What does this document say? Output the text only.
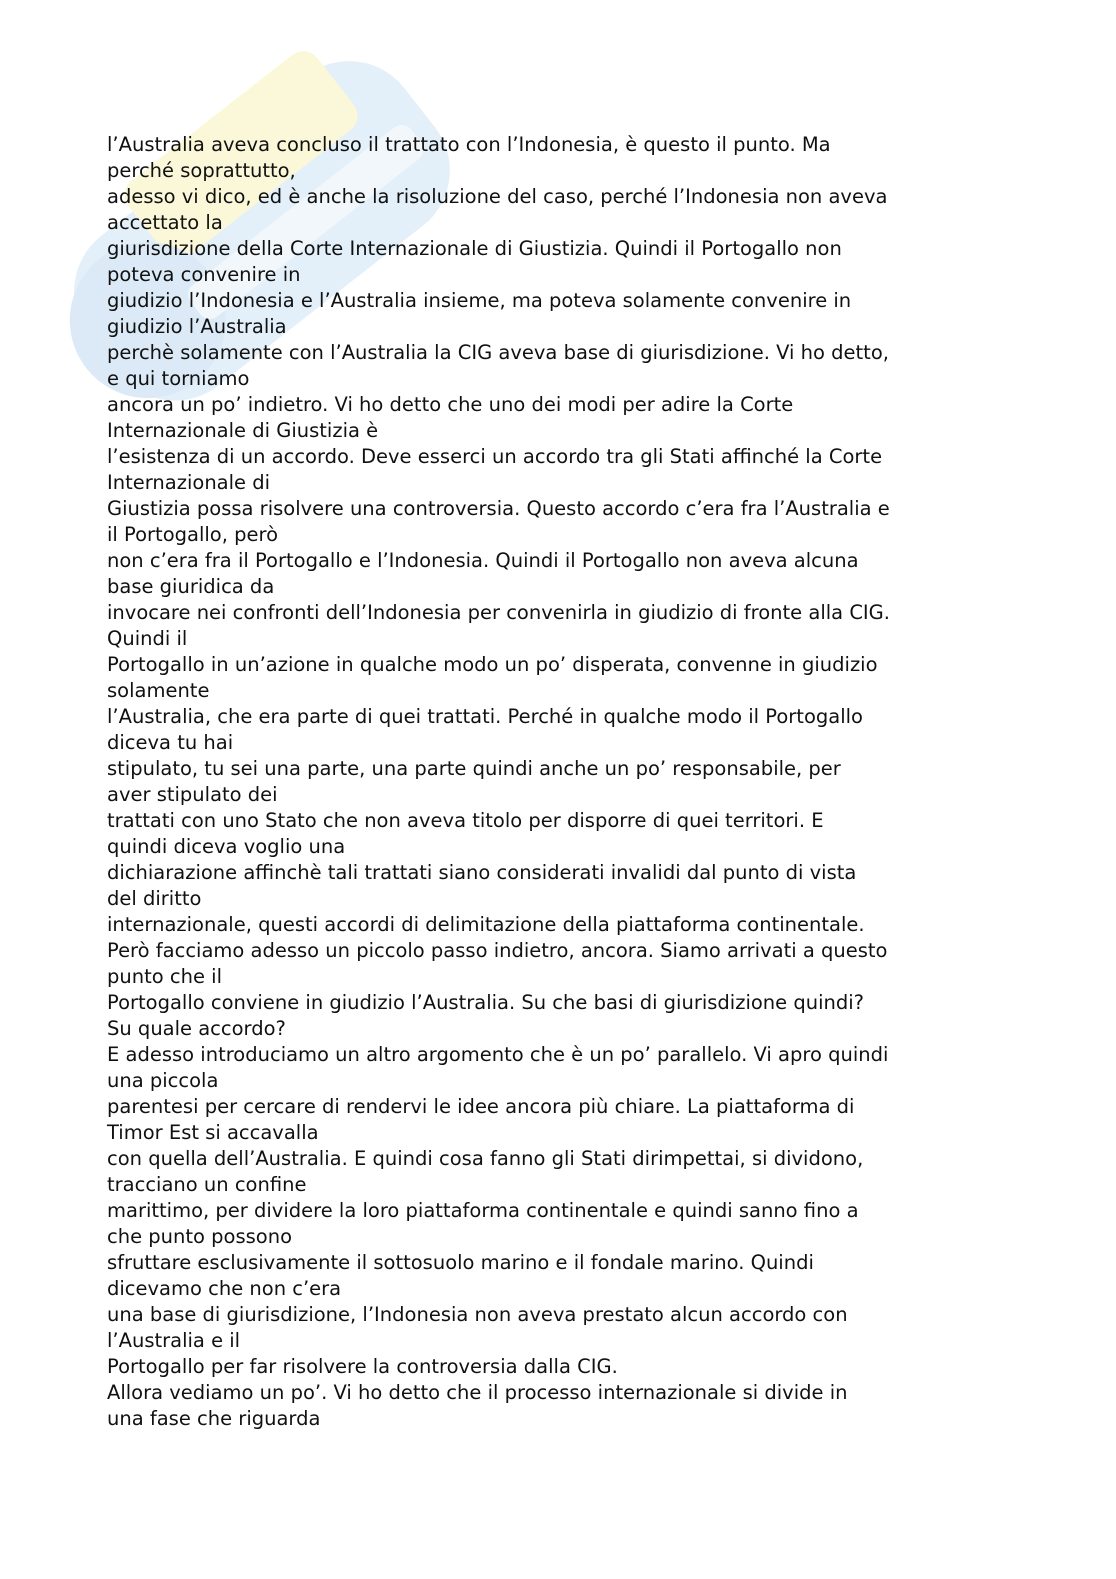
l’Australia aveva concluso il trattato con l’Indonesia, è questo il punto. Ma
perché soprattutto,
adesso vi dico, ed è anche la risoluzione del caso, perché l’Indonesia non aveva
accettato la
giurisdizione della Corte Internazionale di Giustizia. Quindi il Portogallo non
poteva convenire in
giudizio l’Indonesia e l’Australia insieme, ma poteva solamente convenire in
giudizio l’Australia
perchè solamente con l’Australia la CIG aveva base di giurisdizione. Vi ho detto,
e qui torniamo
ancora un po’ indietro. Vi ho detto che uno dei modi per adire la Corte
Internazionale di Giustizia è
l’esistenza di un accordo. Deve esserci un accordo tra gli Stati affinché la Corte
Internazionale di
Giustizia possa risolvere una controversia. Questo accordo c’era fra l’Australia e
il Portogallo, però
non c’era fra il Portogallo e l’Indonesia. Quindi il Portogallo non aveva alcuna
base giuridica da
invocare nei confronti dell’Indonesia per convenirla in giudizio di fronte alla CIG.
Quindi il
Portogallo in un’azione in qualche modo un po’ disperata, convenne in giudizio
solamente
l’Australia, che era parte di quei trattati. Perché in qualche modo il Portogallo
diceva tu hai
stipulato, tu sei una parte, una parte quindi anche un po’ responsabile, per
aver stipulato dei
trattati con uno Stato che non aveva titolo per disporre di quei territori. E
quindi diceva voglio una
dichiarazione affinchè tali trattati siano considerati invalidi dal punto di vista
del diritto
internazionale, questi accordi di delimitazione della piattaforma continentale.
Però facciamo adesso un piccolo passo indietro, ancora. Siamo arrivati a questo
punto che il
Portogallo conviene in giudizio l’Australia. Su che basi di giurisdizione quindi?
Su quale accordo?
E adesso introduciamo un altro argomento che è un po’ parallelo. Vi apro quindi
una piccola
parentesi per cercare di rendervi le idee ancora più chiare. La piattaforma di
Timor Est si accavalla
con quella dell’Australia. E quindi cosa fanno gli Stati dirimpettai, si dividono,
tracciano un confine
marittimo, per dividere la loro piattaforma continentale e quindi sanno fino a
che punto possono
sfruttare esclusivamente il sottosuolo marino e il fondale marino. Quindi
dicevamo che non c’era
una base di giurisdizione, l’Indonesia non aveva prestato alcun accordo con
l’Australia e il
Portogallo per far risolvere la controversia dalla CIG.
Allora vediamo un po’. Vi ho detto che il processo internazionale si divide in
una fase che riguarda
